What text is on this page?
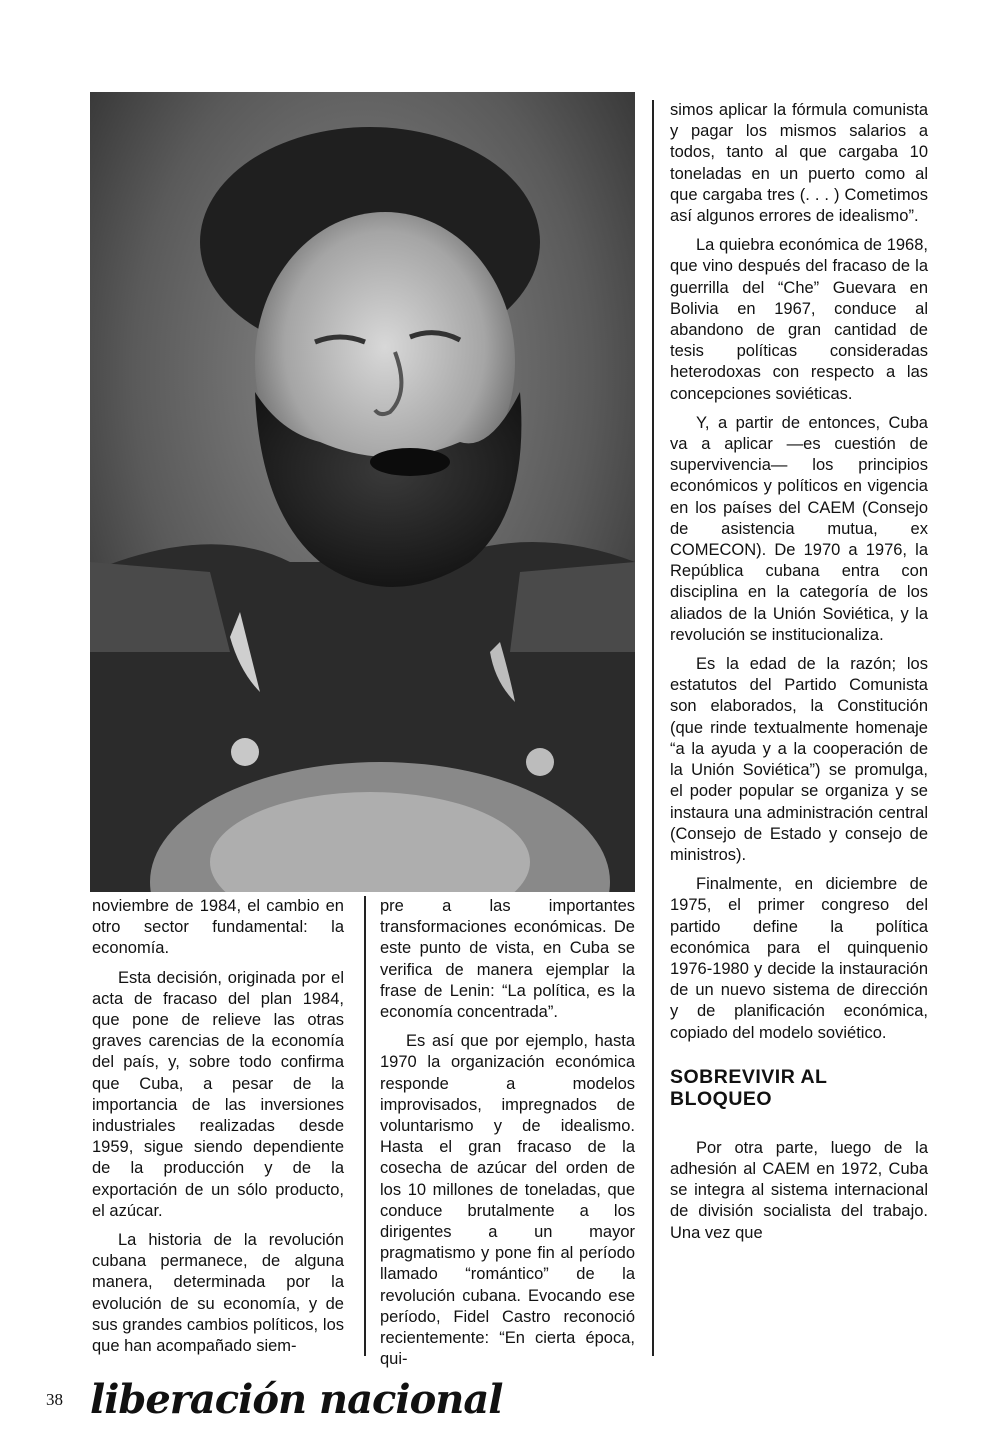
noviembre de 1984, el cambio en otro sector fundamental: la economía.

Esta decisión, originada por el acta de fracaso del plan 1984, que pone de relieve las otras graves carencias de la economía del país, y, sobre todo confirma que Cuba, a pesar de la importancia de las inversiones industriales realizadas desde 1959, sigue siendo dependiente de la producción y de la exportación de un sólo producto, el azúcar.

La historia de la revolución cubana permanece, de alguna manera, determinada por la evolución de su economía, y de sus grandes cambios políticos, los que han acompañado siem-

pre a las importantes transformaciones económicas. De este punto de vista, en Cuba se verifica de manera ejemplar la frase de Lenin: “La política, es la economía concentrada”.

Es así que por ejemplo, hasta 1970 la organización económica responde a modelos improvisados, impregnados de voluntarismo y de idealismo. Hasta el gran fracaso de la cosecha de azúcar del orden de los 10 millones de toneladas, que conduce brutalmente a los dirigentes a un mayor pragmatismo y pone fin al período llamado “romántico” de la revolución cubana. Evocando ese período, Fidel Castro reconoció recientemente: “En cierta época, qui-

simos aplicar la fórmula comunista y pagar los mismos salarios a todos, tanto al que cargaba 10 toneladas en un puerto como al que cargaba tres (. . . ) Cometimos así algunos errores de idealismo”.

La quiebra económica de 1968, que vino después del fracaso de la guerrilla del “Che” Guevara en Bolivia en 1967, conduce al abandono de gran cantidad de tesis políticas consideradas heterodoxas con respecto a las concepciones soviéticas.

Y, a partir de entonces, Cuba va a aplicar —es cuestión de supervivencia— los principios económicos y políticos en vigencia en los países del CAEM (Consejo de asistencia mutua, ex COMECON). De 1970 a 1976, la República cubana entra con disciplina en la categoría de los aliados de la Unión Soviética, y la revolución se institucionaliza.

Es la edad de la razón; los estatutos del Partido Comunista son elaborados, la Constitución (que rinde textualmente homenaje “a la ayuda y a la cooperación de la Unión Soviética”) se promulga, el poder popular se organiza y se instaura una administración central (Consejo de Estado y consejo de ministros).

Finalmente, en diciembre de 1975, el primer congreso del partido define la política económica para el quinquenio 1976-1980 y decide la instauración de un nuevo sistema de dirección y de planificación económica, copiado del modelo soviético.

SOBREVIVIR AL BLOQUEO

Por otra parte, luego de la adhesión al CAEM en 1972, Cuba se integra al sistema internacional de división socialista del trabajo. Una vez que

38 liberación nacional
